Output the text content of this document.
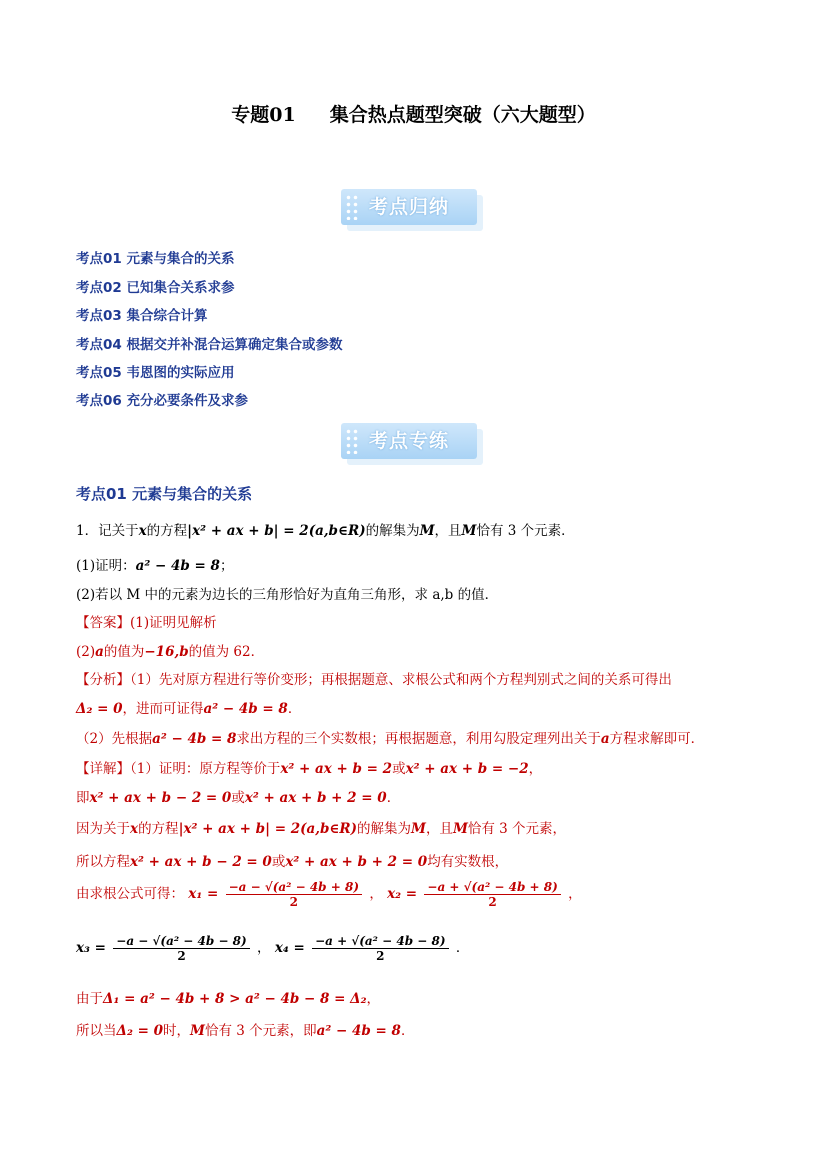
专题01 集合热点题型突破（六大题型）
考点归纳
考点01 元素与集合的关系
考点02 已知集合关系求参
考点03 集合综合计算
考点04 根据交并补混合运算确定集合或参数
考点05 韦恩图的实际应用
考点06 充分必要条件及求参
考点专练
考点01 元素与集合的关系
1．记关于x的方程|x² + ax + b| = 2(a,b∈R)的解集为M，且M恰有 3 个元素．
(1)证明：a² − 4b = 8；
(2)若以 M 中的元素为边长的三角形恰好为直角三角形，求 a,b 的值．
【答案】(1)证明见解析
(2)a的值为−16,b的值为 62．
【分析】（1）先对原方程进行等价变形；再根据题意、求根公式和两个方程判别式之间的关系可得出
Δ₂ = 0，进而可证得a² − 4b = 8．
（2）先根据a² − 4b = 8求出方程的三个实数根；再根据题意，利用勾股定理列出关于a方程求解即可．
【详解】（1）证明：原方程等价于x² + ax + b = 2或x² + ax + b = −2，
即x² + ax + b − 2 = 0或x² + ax + b + 2 = 0．
因为关于x的方程|x² + ax + b| = 2(a,b∈R)的解集为M，且M恰有 3 个元素，
所以方程x² + ax + b − 2 = 0或x² + ax + b + 2 = 0均有实数根，
由求根公式可得： $x_1 = \frac{\text{−a − √(a² − 4b + 8)}}{2}$ ， $x_2 = \frac{\text{−a + √(a² − 4b + 8)}}{2}$ ，
$x_3 = \frac{\text{−a − √(a² − 4b − 8)}}{2}$ ， $x_4 = \frac{\text{−a + √(a² − 4b − 8)}}{2}$ ．
由于Δ₁ = a² − 4b + 8 > a² − 4b − 8 = Δ₂，
所以当Δ₂ = 0时，M恰有 3 个元素，即a² − 4b = 8．
